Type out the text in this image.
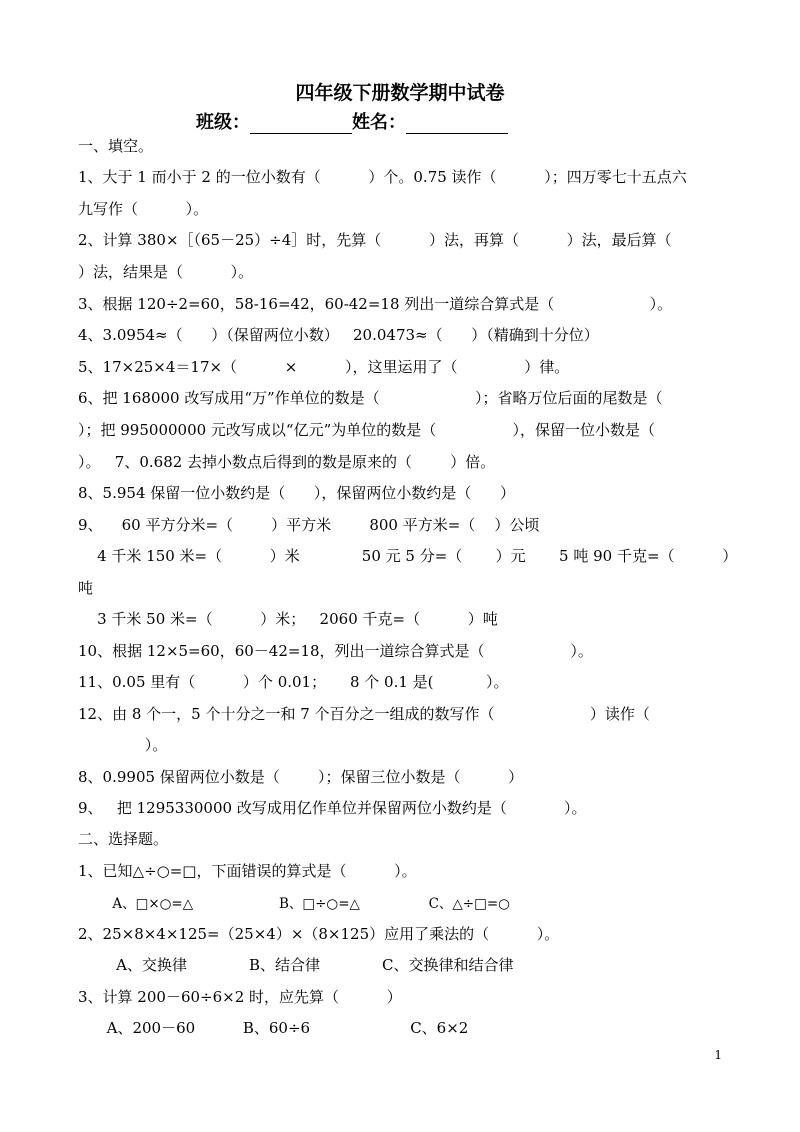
四年级下册数学期中试卷
班级：	姓名：
一、填空。
1、大于 1 而小于 2 的一位小数有（          ）个。0.75 读作（          ）；四万零七十五点六
九写作（          ）。
2、计算 380×［（65－25）÷4］时，先算（          ）法，再算（          ）法，最后算（
）法，结果是（          ）。
3、根据 120÷2=60，58-16=42，60-42=18 列出一道综合算式是（                    ）。
4、3.0954≈（      ）（保留两位小数）   20.0473≈（      ）（精确到十分位）
5、17×25×4＝17×（          ×          ），这里运用了（              ）律。
6、把 168000 改写成用“万”作单位的数是（                    ）；省略万位后面的尾数是（
）；把 995000000 元改写成以“亿元”为单位的数是（                ），保留一位小数是（
）。   7、0.682 去掉小数点后得到的数是原来的（        ）倍。
8、5.954 保留一位小数约是（      ），保留两位小数约是（      ）
9、    60 平方分米=（        ）平方米        800 平方米=（    ）公顷
4 千米 150 米=（          ）米             50 元 5 分=（       ）元       5 吨 90 千克=（          ）
吨
3 千米 50 米=（          ）米；   2060 千克=（          ）吨
10、根据 12×5=60，60－42=18，列出一道综合算式是（                  ）。
11、0.05 里有（          ）个 0.01；     8 个 0.1 是(           ）。
12、由 8 个一，5 个十分之一和 7 个百分之一组成的数写作（                    ）读作（
）。
8、0.9905 保留两位小数是（        ）；保留三位小数是（          ）
9、   把 1295330000 改写成用亿作单位并保留两位小数约是（            ）。
二、选择题。
1、已知△÷○=□，下面错误的算式是（          ）。
A、□×○=△                    B、□÷○=△                C、△÷□=○
2、25×8×4×125=（25×4）×（8×125）应用了乘法的（          ）。
A、交换律             B、结合律             C、交换律和结合律
3、计算 200－60÷6×2 时，应先算（          ）
A、200－60          B、60÷6                     C、6×2
1
